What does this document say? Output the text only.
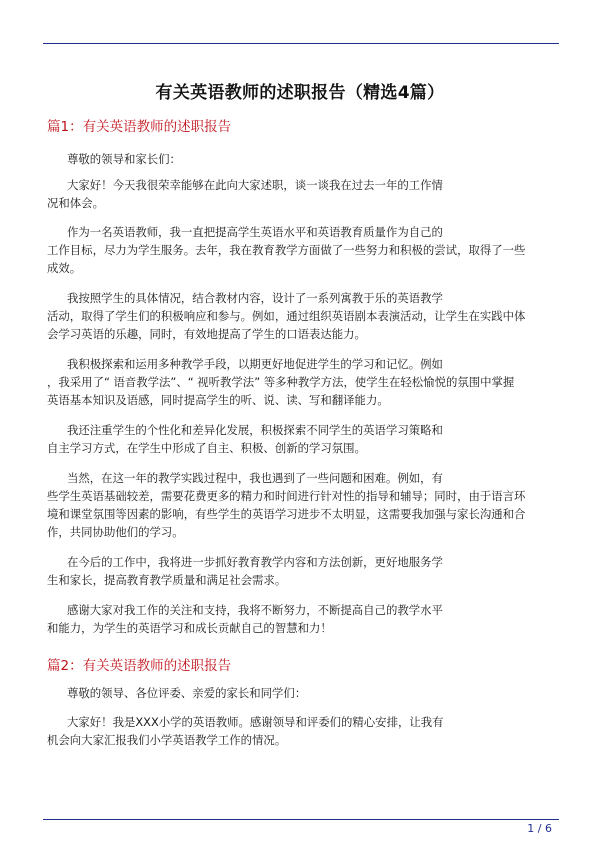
有关英语教师的述职报告（精选4篇）
篇1：有关英语教师的述职报告
尊敬的领导和家长们：
大家好！今天我很荣幸能够在此向大家述职，谈一谈我在过去一年的工作情
况和体会。
作为一名英语教师，我一直把提高学生英语水平和英语教育质量作为自己的
工作目标，尽力为学生服务。去年，我在教育教学方面做了一些努力和积极的尝试，取得了一些
成效。
我按照学生的具体情况，结合教材内容，设计了一系列寓教于乐的英语教学
活动，取得了学生们的积极响应和参与。例如，通过组织英语剧本表演活动，让学生在实践中体
会学习英语的乐趣，同时，有效地提高了学生的口语表达能力。
我积极探索和运用多种教学手段，以期更好地促进学生的学习和记忆。例如
，我采用了“ 语音教学法”、“ 视听教学法” 等多种教学方法，使学生在轻松愉悦的氛围中掌握
英语基本知识及语感，同时提高学生的听、说、读、写和翻译能力。
我还注重学生的个性化和差异化发展，积极探索不同学生的英语学习策略和
自主学习方式，在学生中形成了自主、积极、创新的学习氛围。
当然，在这一年的教学实践过程中，我也遇到了一些问题和困难。例如，有
些学生英语基础较差，需要花费更多的精力和时间进行针对性的指导和辅导；同时，由于语言环
境和课堂氛围等因素的影响，有些学生的英语学习进步不太明显，这需要我加强与家长沟通和合
作，共同协助他们的学习。
在今后的工作中，我将进一步抓好教育教学内容和方法创新，更好地服务学
生和家长，提高教育教学质量和满足社会需求。
感谢大家对我工作的关注和支持，我将不断努力，不断提高自己的教学水平
和能力，为学生的英语学习和成长贡献自己的智慧和力！
篇2：有关英语教师的述职报告
尊敬的领导、各位评委、亲爱的家长和同学们：
大家好！我是XXX小学的英语教师。感谢领导和评委们的精心安排，让我有
机会向大家汇报我们小学英语教学工作的情况。
1 / 6
